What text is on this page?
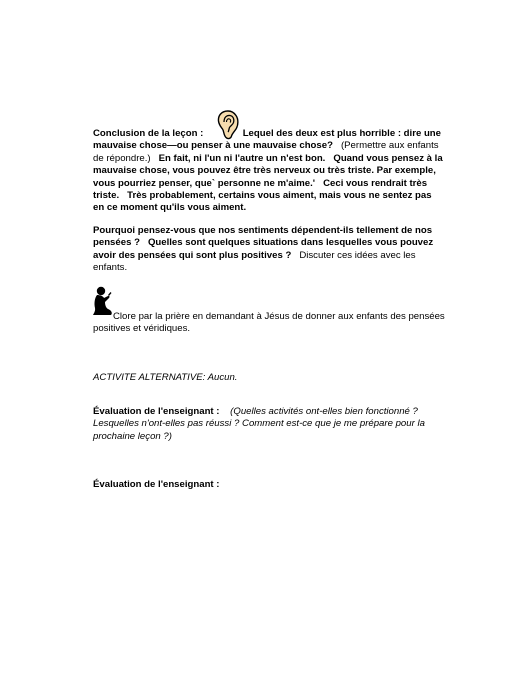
Conclusion de la leçon :	Lequel des deux est plus horrible : dire une mauvaise chose—ou penser à une mauvaise chose? (Permettre aux enfants de répondre.) En fait, ni l'un ni l'autre un n'est bon. Quand vous pensez à la mauvaise chose, vous pouvez être très nerveux ou très triste. Par exemple, vous pourriez penser, que` personne ne m'aime.' Ceci vous rendrait très triste. Très probablement, certains vous aiment, mais vous ne sentez pas en ce moment qu'ils vous aiment.

Pourquoi pensez-vous que nos sentiments dépendent-ils tellement de nos pensées ? Quelles sont quelques situations dans lesquelles vous pouvez avoir des pensées qui sont plus positives ? Discuter ces idées avec les enfants.

Clore par la prière en demandant à Jésus de donner aux enfants des pensées positives et véridiques.

ACTIVITE ALTERNATIVE: Aucun.

Évaluation de l'enseignant : (Quelles activités ont-elles bien fonctionné ? Lesquelles n'ont-elles pas réussi ? Comment est-ce que je me prépare pour la prochaine leçon ?)

Évaluation de l'enseignant :
